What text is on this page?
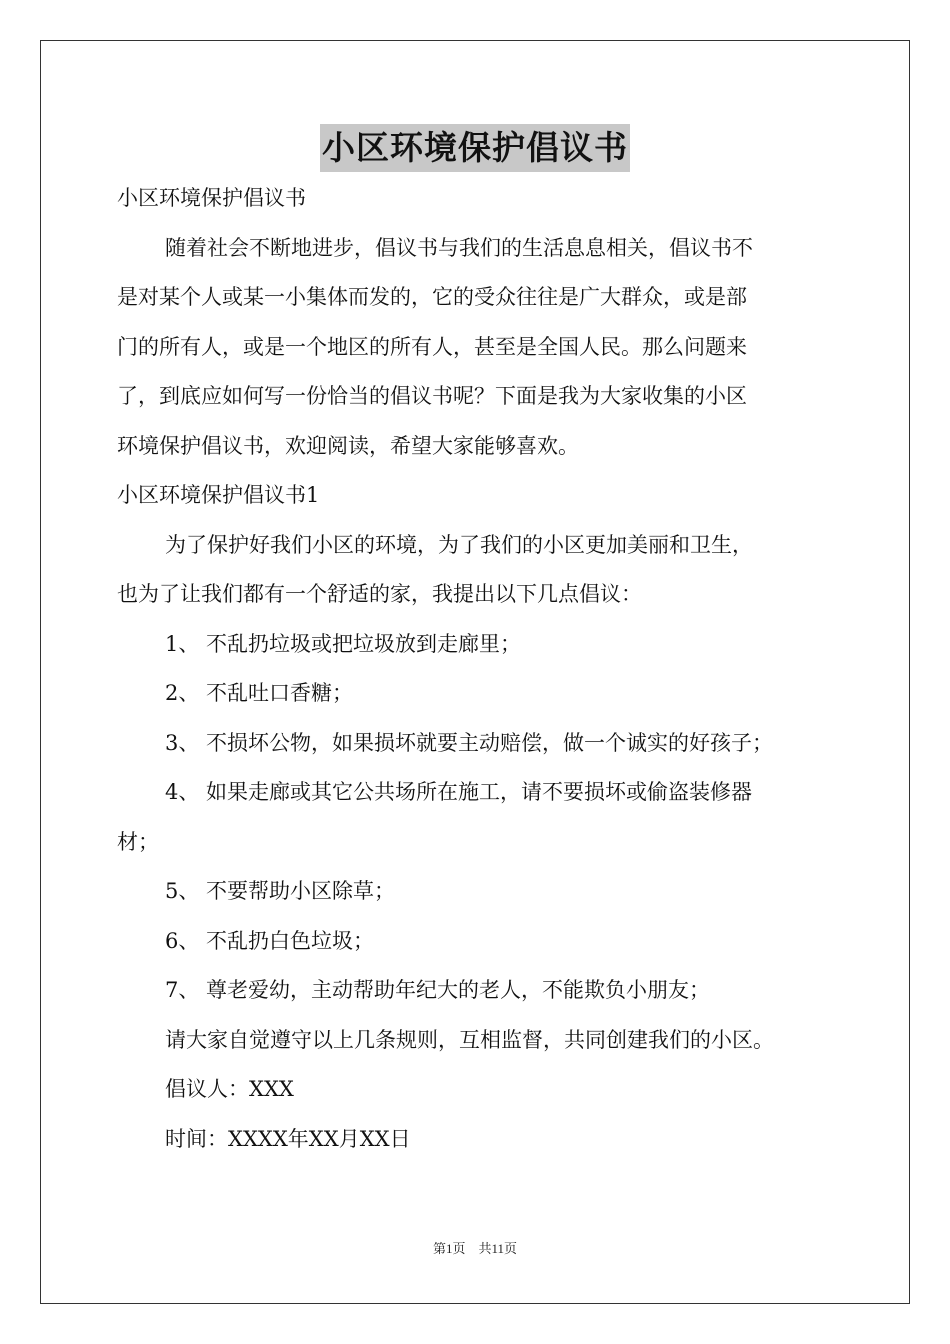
小区环境保护倡议书

小区环境保护倡议书

随着社会不断地进步，倡议书与我们的生活息息相关，倡议书不

是对某个人或某一小集体而发的，它的受众往往是广大群众，或是部

门的所有人，或是一个地区的所有人，甚至是全国人民。那么问题来

了，到底应如何写一份恰当的倡议书呢？下面是我为大家收集的小区

环境保护倡议书，欢迎阅读，希望大家能够喜欢。

小区环境保护倡议书1

为了保护好我们小区的环境，为了我们的小区更加美丽和卫生，

也为了让我们都有一个舒适的家，我提出以下几点倡议：

1、 不乱扔垃圾或把垃圾放到走廊里；

2、 不乱吐口香糖；

3、 不损坏公物，如果损坏就要主动赔偿，做一个诚实的好孩子；

4、 如果走廊或其它公共场所在施工，请不要损坏或偷盗装修器

材；

5、 不要帮助小区除草；

6、 不乱扔白色垃圾；

7、 尊老爱幼，主动帮助年纪大的老人，不能欺负小朋友；

请大家自觉遵守以上几条规则，互相监督，共同创建我们的小区。

倡议人：XXX

时间：XXXX年XX月XX日

第1页　共11页
